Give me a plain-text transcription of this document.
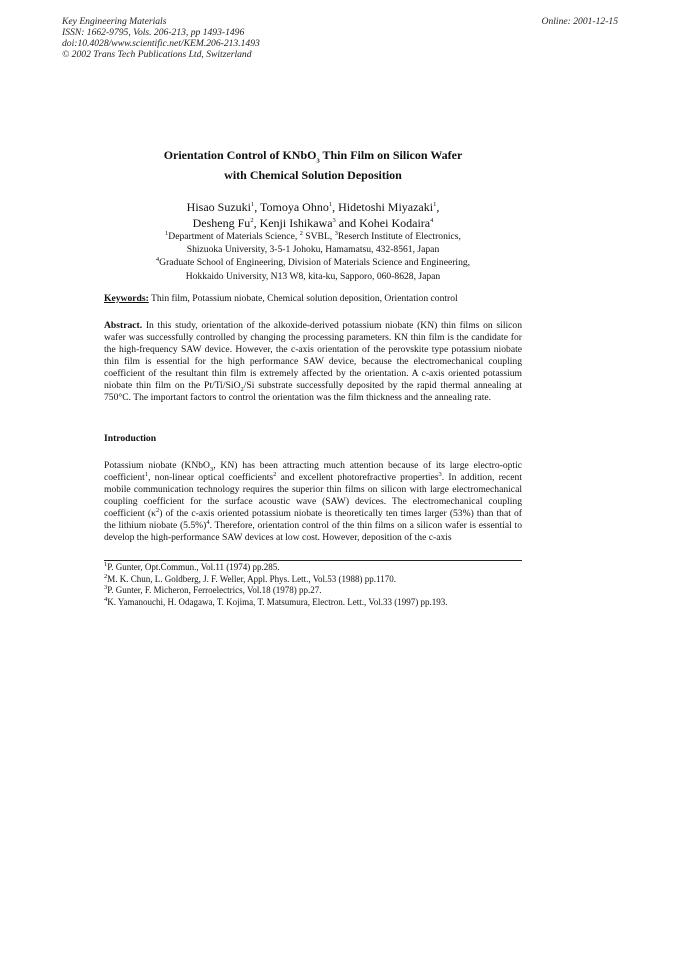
Key Engineering Materials
ISSN: 1662-9795, Vols. 206-213, pp 1493-1496
doi:10.4028/www.scientific.net/KEM.206-213.1493
© 2002 Trans Tech Publications Ltd, Switzerland
Online: 2001-12-15
Orientation Control of KNbO$_3$ Thin Film on Silicon Wafer
with Chemical Solution Deposition
Hisao Suzuki$^1$, Tomoya Ohno$^1$, Hidetoshi Miyazaki$^1$,
Desheng Fu$^2$, Kenji Ishikawa$^3$ and Kohei Kodaira$^4$
$^1$Department of Materials Science, $^2$ SVBL, $^3$Reserch Institute of Electronics,
Shizuoka University, 3-5-1 Johoku, Hamamatsu, 432-8561, Japan
$^4$Graduate School of Engineering, Division of Materials Science and Engineering,
Hokkaido University, N13 W8, kita-ku, Sapporo, 060-8628, Japan
Keywords: Thin film, Potassium niobate, Chemical solution deposition, Orientation control
Abstract. In this study, orientation of the alkoxide-derived potassium niobate (KN) thin films on silicon wafer was successfully controlled by changing the processing parameters. KN thin film is the candidate for the high-frequency SAW device. However, the c-axis orientation of the perovskite type potassium niobate thin film is essential for the high performance SAW device, because the electromechanical coupling coefficient of the resultant thin film is extremely affected by the orientation. A c-axis oriented potassium niobate thin film on the Pt/Ti/SiO$_2$/Si substrate successfully deposited by the rapid thermal annealing at 750°C. The important factors to control the orientation was the film thickness and the annealing rate.
Introduction
Potassium niobate (KNbO$_3$, KN) has been attracting much attention because of its large electro-optic coefficient$^1$, non-linear optical coefficients$^2$ and excellent photorefractive properties$^3$. In addition, recent mobile communication technology requires the superior thin films on silicon with large electromechanical coupling coefficient for the surface acoustic wave (SAW) devices. The electromechanical coupling coefficient $(\kappa^2)$ of the c-axis oriented potassium niobate is theoretically ten times larger (53%) than that of the lithium niobate $(5.5\%)^4$. Therefore, orientation control of the thin films on a silicon wafer is essential to develop the high-performance SAW devices at low cost. However, deposition of the c-axis

$^1$P. Gunter, Opt.Commun., Vol.11 (1974) pp.285.

$^2$M. K. Chun, L. Goldberg, J. F. Weller, Appl. Phys. Lett., Vol.53 (1988) pp.1170.

$^3$P. Gunter, F. Micheron, Ferroelectrics, Vol.18 (1978) pp.27.

$^4$K. Yamanouchi, H. Odagawa, T. Kojima, T. Matsumura, Electron. Lett., Vol.33 (1997) pp.193.
